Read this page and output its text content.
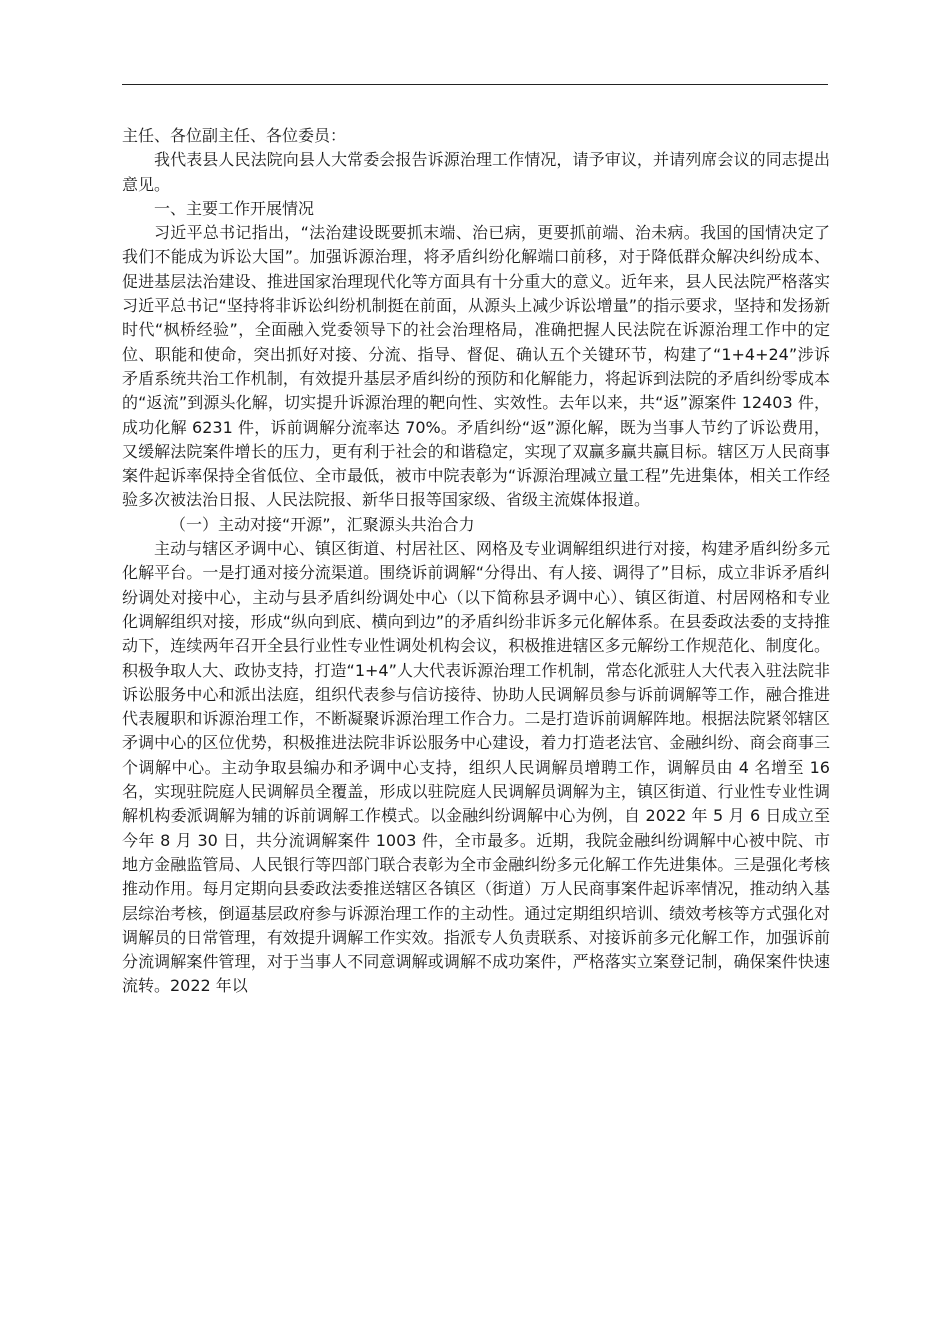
主任、各位副主任、各位委员：

我代表县人民法院向县人大常委会报告诉源治理工作情况，请予审议，并请列席会议的同志提出意见。

一、主要工作开展情况

习近平总书记指出，“法治建设既要抓末端、治已病，更要抓前端、治未病。我国的国情决定了我们不能成为诉讼大国”。加强诉源治理，将矛盾纠纷化解端口前移，对于降低群众解决纠纷成本、促进基层法治建设、推进国家治理现代化等方面具有十分重大的意义。近年来，县人民法院严格落实习近平总书记“坚持将非诉讼纠纷机制挺在前面，从源头上减少诉讼增量”的指示要求，坚持和发扬新时代“枫桥经验”，全面融入党委领导下的社会治理格局，准确把握人民法院在诉源治理工作中的定位、职能和使命，突出抓好对接、分流、指导、督促、确认五个关键环节，构建了“1+4+24”涉诉矛盾系统共治工作机制，有效提升基层矛盾纠纷的预防和化解能力，将起诉到法院的矛盾纠纷零成本的“返流”到源头化解，切实提升诉源治理的靶向性、实效性。去年以来，共“返”源案件 12403 件，成功化解 6231 件，诉前调解分流率达 70%。矛盾纠纷“返”源化解，既为当事人节约了诉讼费用，又缓解法院案件增长的压力，更有利于社会的和谐稳定，实现了双赢多赢共赢目标。辖区万人民商事案件起诉率保持全省低位、全市最低，被市中院表彰为“诉源治理减立量工程”先进集体，相关工作经验多次被法治日报、人民法院报、新华日报等国家级、省级主流媒体报道。

（一）主动对接“开源”，汇聚源头共治合力

主动与辖区矛调中心、镇区街道、村居社区、网格及专业调解组织进行对接，构建矛盾纠纷多元化解平台。一是打通对接分流渠道。围绕诉前调解“分得出、有人接、调得了”目标，成立非诉矛盾纠纷调处对接中心，主动与县矛盾纠纷调处中心（以下简称县矛调中心）、镇区街道、村居网格和专业化调解组织对接，形成“纵向到底、横向到边”的矛盾纠纷非诉多元化解体系。在县委政法委的支持推动下，连续两年召开全县行业性专业性调处机构会议，积极推进辖区多元解纷工作规范化、制度化。积极争取人大、政协支持，打造“1+4”人大代表诉源治理工作机制，常态化派驻人大代表入驻法院非诉讼服务中心和派出法庭，组织代表参与信访接待、协助人民调解员参与诉前调解等工作，融合推进代表履职和诉源治理工作，不断凝聚诉源治理工作合力。二是打造诉前调解阵地。根据法院紧邻辖区矛调中心的区位优势，积极推进法院非诉讼服务中心建设，着力打造老法官、金融纠纷、商会商事三个调解中心。主动争取县编办和矛调中心支持，组织人民调解员增聘工作，调解员由 4 名增至 16 名，实现驻院庭人民调解员全覆盖，形成以驻院庭人民调解员调解为主，镇区街道、行业性专业性调解机构委派调解为辅的诉前调解工作模式。以金融纠纷调解中心为例，自 2022 年 5 月 6 日成立至今年 8 月 30 日，共分流调解案件 1003 件，全市最多。近期，我院金融纠纷调解中心被中院、市地方金融监管局、人民银行等四部门联合表彰为全市金融纠纷多元化解工作先进集体。三是强化考核推动作用。每月定期向县委政法委推送辖区各镇区（街道）万人民商事案件起诉率情况，推动纳入基层综治考核，倒逼基层政府参与诉源治理工作的主动性。通过定期组织培训、绩效考核等方式强化对调解员的日常管理，有效提升调解工作实效。指派专人负责联系、对接诉前多元化解工作，加强诉前分流调解案件管理，对于当事人不同意调解或调解不成功案件，严格落实立案登记制，确保案件快速流转。2022 年以
